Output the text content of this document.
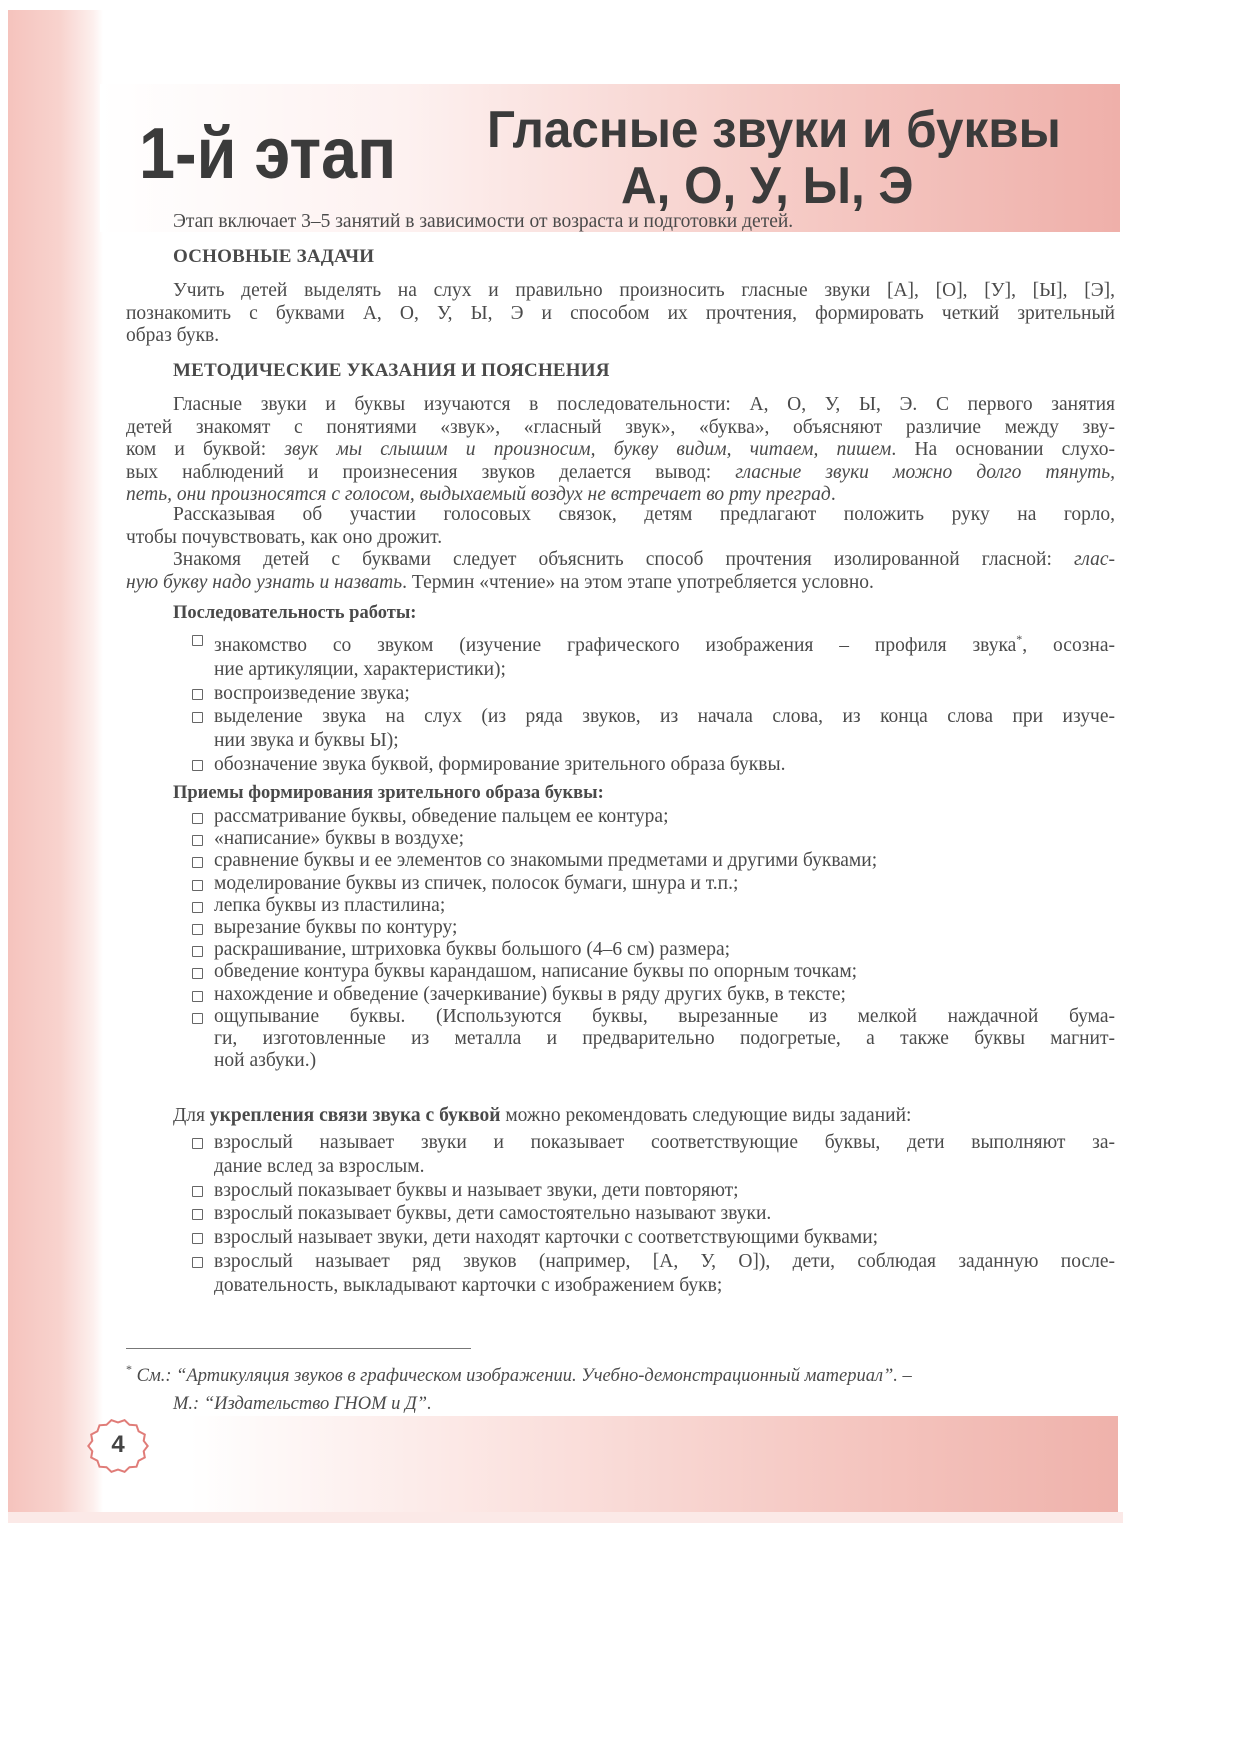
1-й этап Гласные звуки и буквы
А, О, У, Ы, Э
Этап включает 3–5 занятий в зависимости от возраста и подготовки детей.
ОСНОВНЫЕ ЗАДАЧИ
Учить детей выделять на слух и правильно произносить гласные звуки [А], [О], [У], [Ы], [Э],
познакомить с буквами А, О, У, Ы, Э и способом их прочтения, формировать четкий зрительный
образ букв.
МЕТОДИЧЕСКИЕ УКАЗАНИЯ И ПОЯСНЕНИЯ
Гласные звуки и буквы изучаются в последовательности: А, О, У, Ы, Э. С первого занятия
детей знакомят с понятиями «звук», «гласный звук», «буква», объясняют различие между зву-
ком и буквой: звук мы слышим и произносим, букву видим, читаем, пишем. На основании слухо-
вых наблюдений и произнесения звуков делается вывод: гласные звуки можно долго тянуть,
петь, они произносятся с голосом, выдыхаемый воздух не встречает во рту преград.
Рассказывая об участии голосовых связок, детям предлагают положить руку на горло,
чтобы почувствовать, как оно дрожит.
Знакомя детей с буквами следует объяснить способ прочтения изолированной гласной: глас-
ную букву надо узнать и назвать. Термин «чтение» на этом этапе употребляется условно.
Последовательность работы:
знакомство со звуком (изучение графического изображения – профиля звука*, осозна-
ние артикуляции, характеристики);
воспроизведение звука;
выделение звука на слух (из ряда звуков, из начала слова, из конца слова при изуче-
нии звука и буквы Ы);
обозначение звука буквой, формирование зрительного образа буквы.
Приемы формирования зрительного образа буквы:
рассматривание буквы, обведение пальцем ее контура;
«написание» буквы в воздухе;
сравнение буквы и ее элементов со знакомыми предметами и другими буквами;
моделирование буквы из спичек, полосок бумаги, шнура и т.п.;
лепка буквы из пластилина;
вырезание буквы по контуру;
раскрашивание, штриховка буквы большого (4–6 см) размера;
обведение контура буквы карандашом, написание буквы по опорным точкам;
нахождение и обведение (зачеркивание) буквы в ряду других букв, в тексте;
ощупывание буквы. (Используются буквы, вырезанные из мелкой наждачной бума-
ги, изготовленные из металла и предварительно подогретые, а также буквы магнит-
ной азбуки.)
Для укрепления связи звука с буквой можно рекомендовать следующие виды заданий:
взрослый называет звуки и показывает соответствующие буквы, дети выполняют за-
дание вслед за взрослым.
взрослый показывает буквы и называет звуки, дети повторяют;
взрослый показывает буквы, дети самостоятельно называют звуки.
взрослый называет звуки, дети находят карточки с соответствующими буквами;
взрослый называет ряд звуков (например, [А, У, О]), дети, соблюдая заданную после-
довательность, выкладывают карточки с изображением букв;
* См.: “Артикуляция звуков в графическом изображении. Учебно-демонстрационный материал”. –
М.: “Издательство ГНОМ и Д”.
4
